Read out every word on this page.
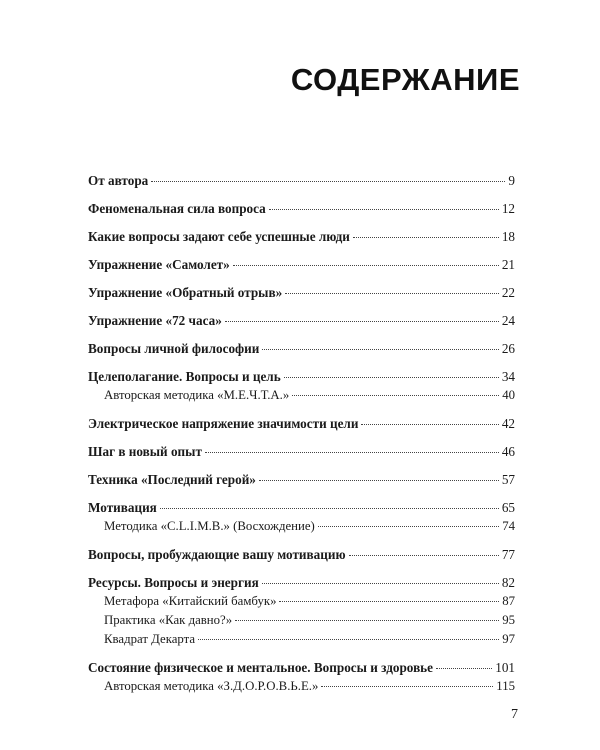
СОДЕРЖАНИЕ
От автора	9
Феноменальная сила вопроса	12
Какие вопросы задают себе успешные люди	18
Упражнение «Самолет»	21
Упражнение «Обратный отрыв»	22
Упражнение «72 часа»	24
Вопросы личной философии	26
Целеполагание. Вопросы и цель	34
Авторская методика «М.Е.Ч.Т.А.»	40
Электрическое напряжение значимости цели	42
Шаг в новый опыт	46
Техника «Последний герой»	57
Мотивация	65
Методика «C.L.I.M.B.» (Восхождение)	74
Вопросы, пробуждающие вашу мотивацию	77
Ресурсы. Вопросы и энергия	82
Метафора «Китайский бамбук»	87
Практика «Как давно?»	95
Квадрат Декарта	97
Состояние физическое и ментальное. Вопросы и здоровье	101
Авторская методика «З.Д.О.Р.О.В.Ь.Е.»	115
7
